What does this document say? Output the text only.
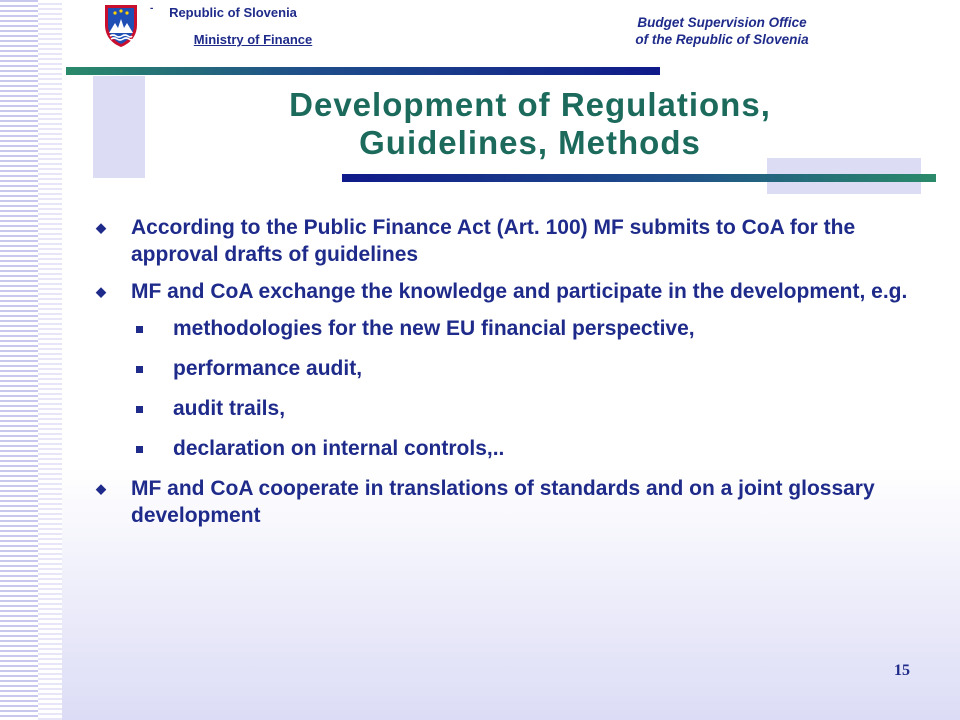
-	Republic of Slovenia
Ministry of Finance
Budget Supervision Office
of the Republic of Slovenia
Development of Regulations,
Guidelines, Methods
◆	According to the Public Finance Act (Art. 100) MF submits to CoA for the approval drafts of guidelines
◆	MF and CoA exchange the knowledge and participate in the development, e.g.
methodologies for the new EU financial perspective,
performance audit,
audit trails,
declaration on internal controls,..
◆	MF and CoA cooperate in translations of standards and on a joint glossary development
15
